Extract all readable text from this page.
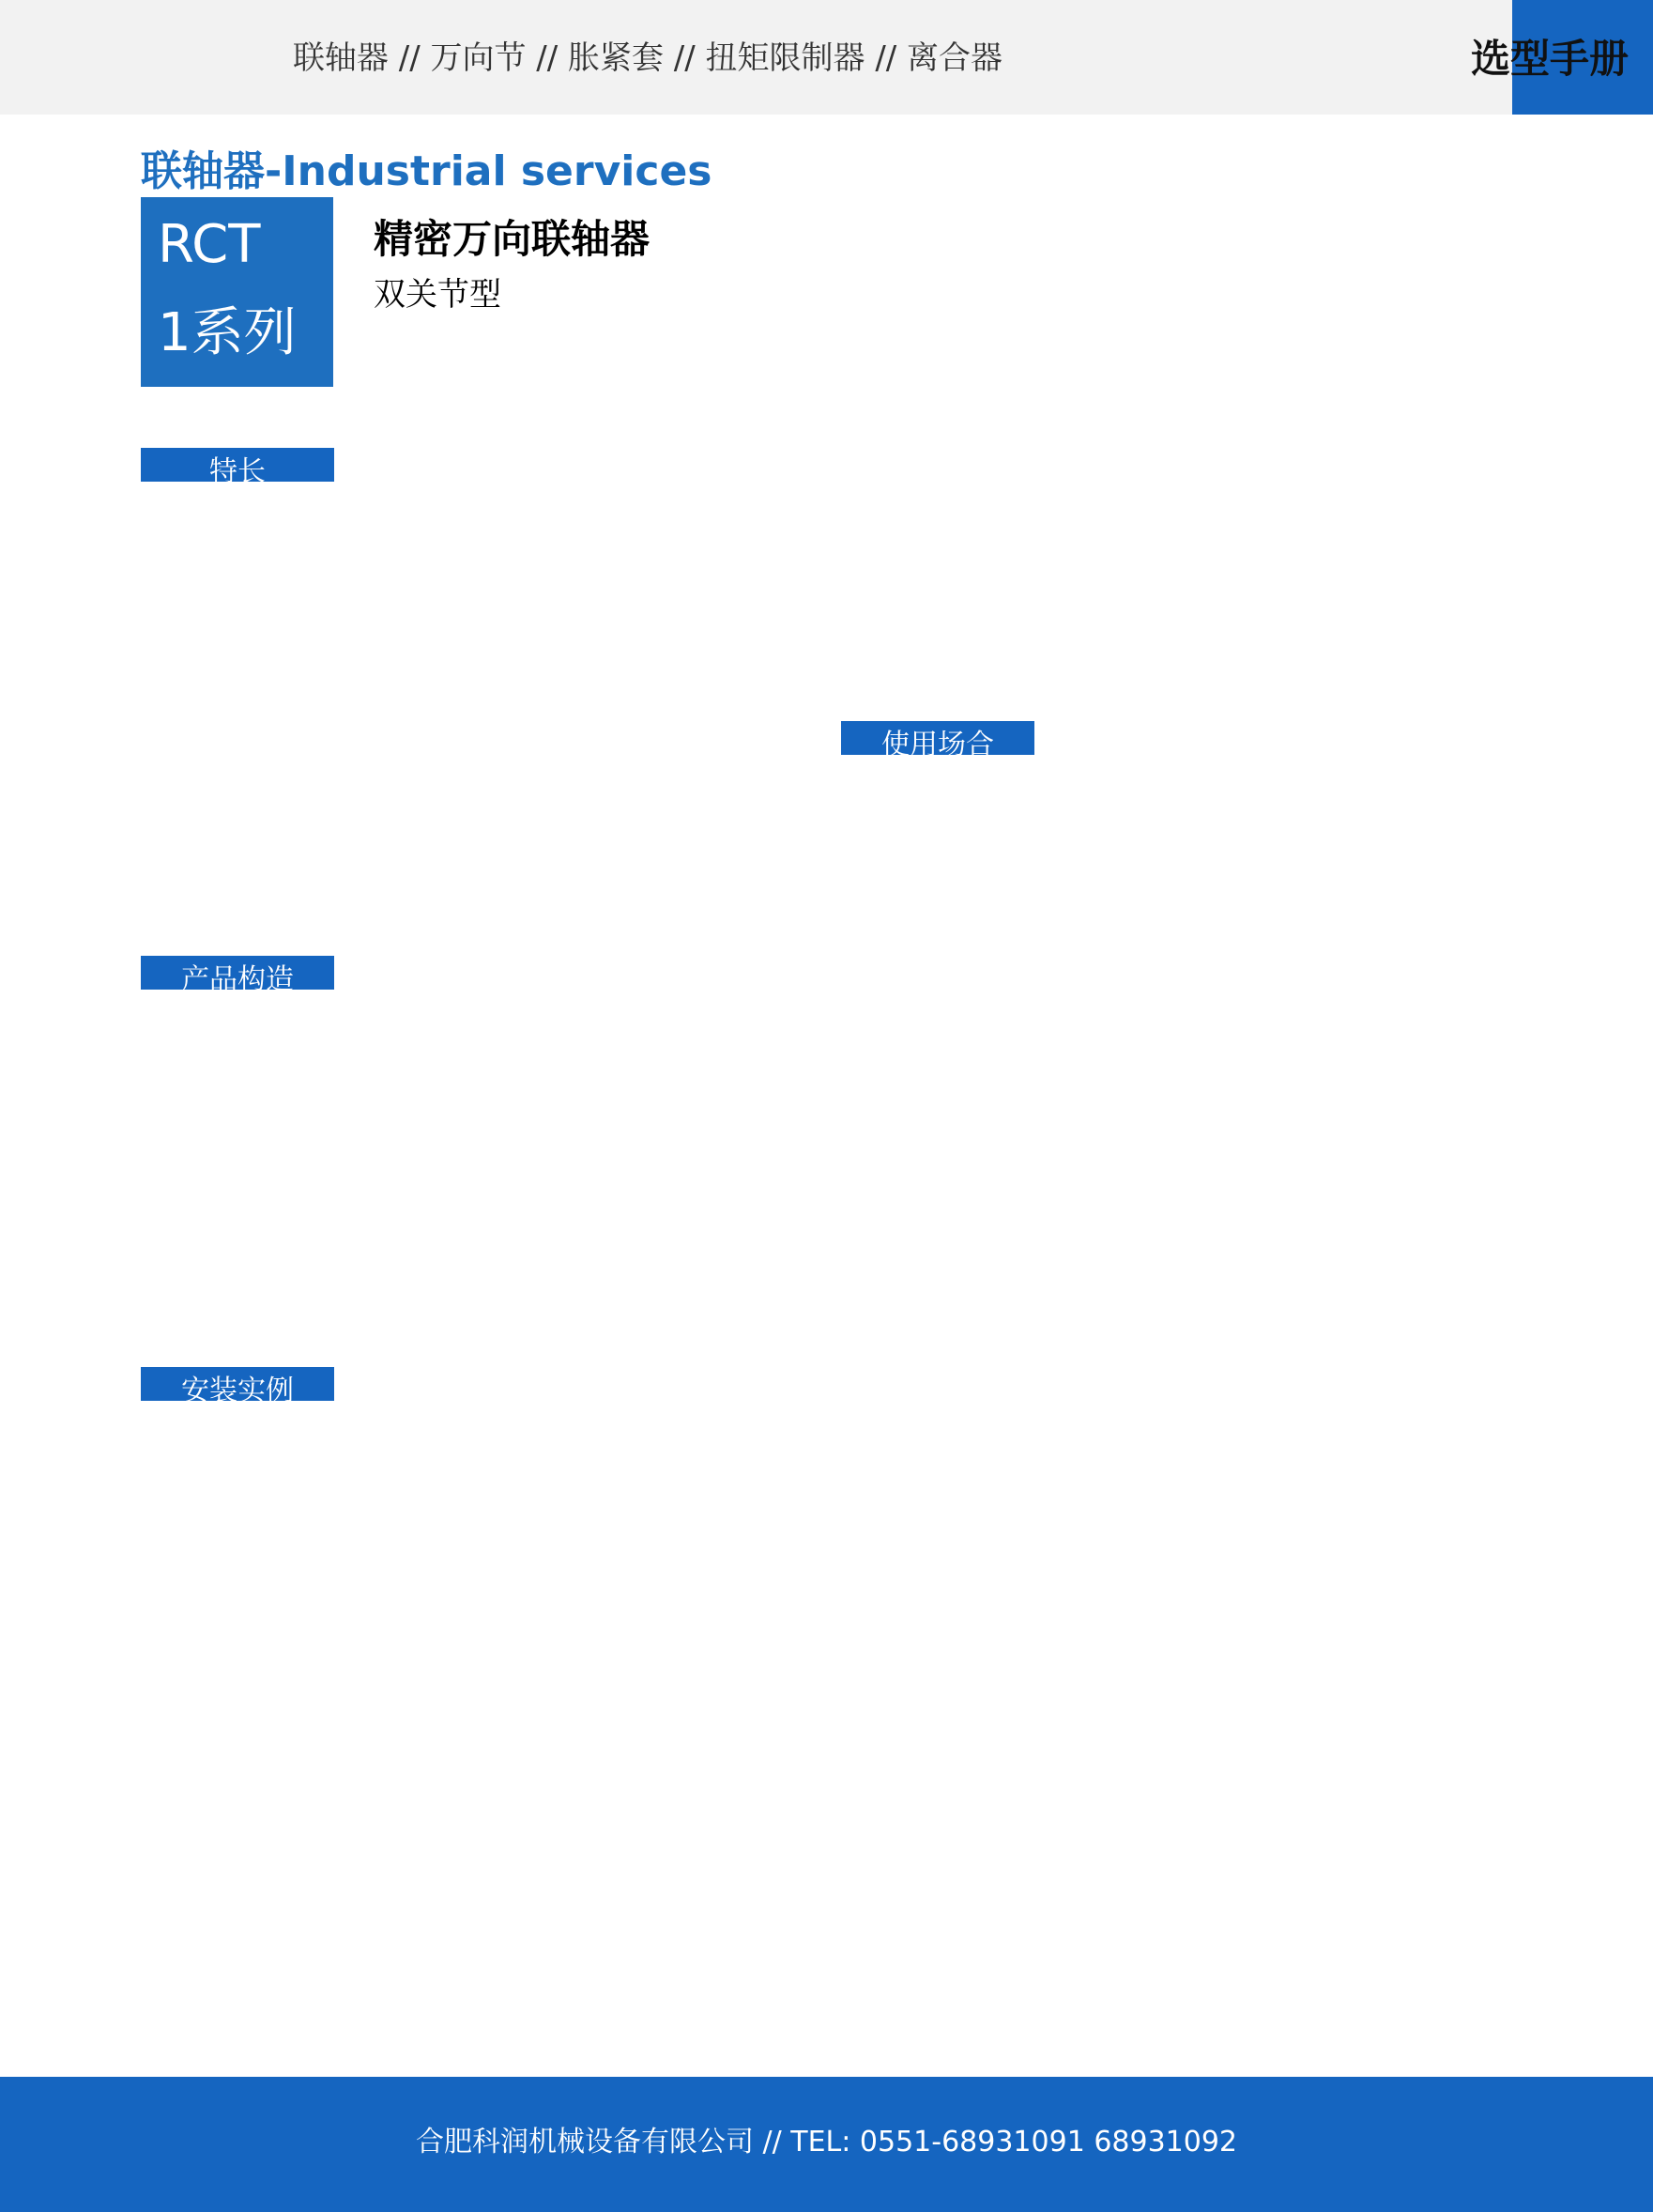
联轴器 // 万向节 // 胀紧套 // 扭矩限制器 // 离合器	选型手册
联轴器-Industrial services
RCT
1系列
精密万向联轴器
双关节型
特长
使用场合
产品构造
安装实例
合肥科润机械设备有限公司 // TEL: 0551-68931091 68931092
